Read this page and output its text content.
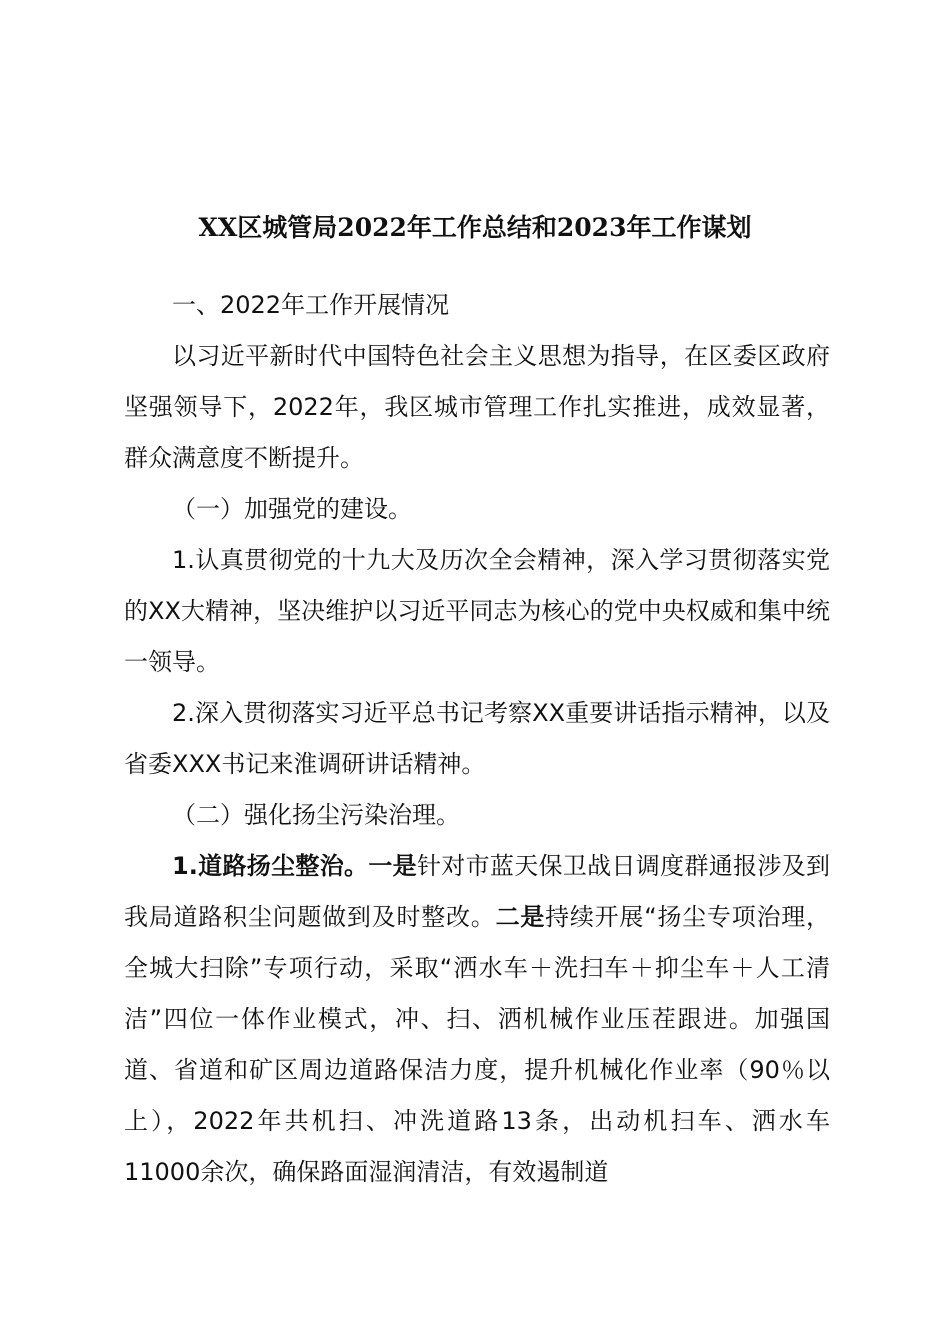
XX区城管局2022年工作总结和2023年工作谋划

一、2022年工作开展情况

以习近平新时代中国特色社会主义思想为指导，在区委区政府坚强领导下，2022年，我区城市管理工作扎实推进，成效显著，群众满意度不断提升。

（一）加强党的建设。

1.认真贯彻党的十九大及历次全会精神，深入学习贯彻落实党的XX大精神，坚决维护以习近平同志为核心的党中央权威和集中统一领导。

2.深入贯彻落实习近平总书记考察XX重要讲话指示精神，以及省委XXX书记来淮调研讲话精神。

（二）强化扬尘污染治理。

1.道路扬尘整治。一是针对市蓝天保卫战日调度群通报涉及到我局道路积尘问题做到及时整改。二是持续开展“扬尘专项治理，全城大扫除”专项行动，采取“洒水车＋洗扫车＋抑尘车＋人工清洁”四位一体作业模式，冲、扫、洒机械作业压茬跟进。加强国道、省道和矿区周边道路保洁力度，提升机械化作业率（90％以上），2022年共机扫、冲洗道路13条，出动机扫车、洒水车11000余次，确保路面湿润清洁，有效遏制道
